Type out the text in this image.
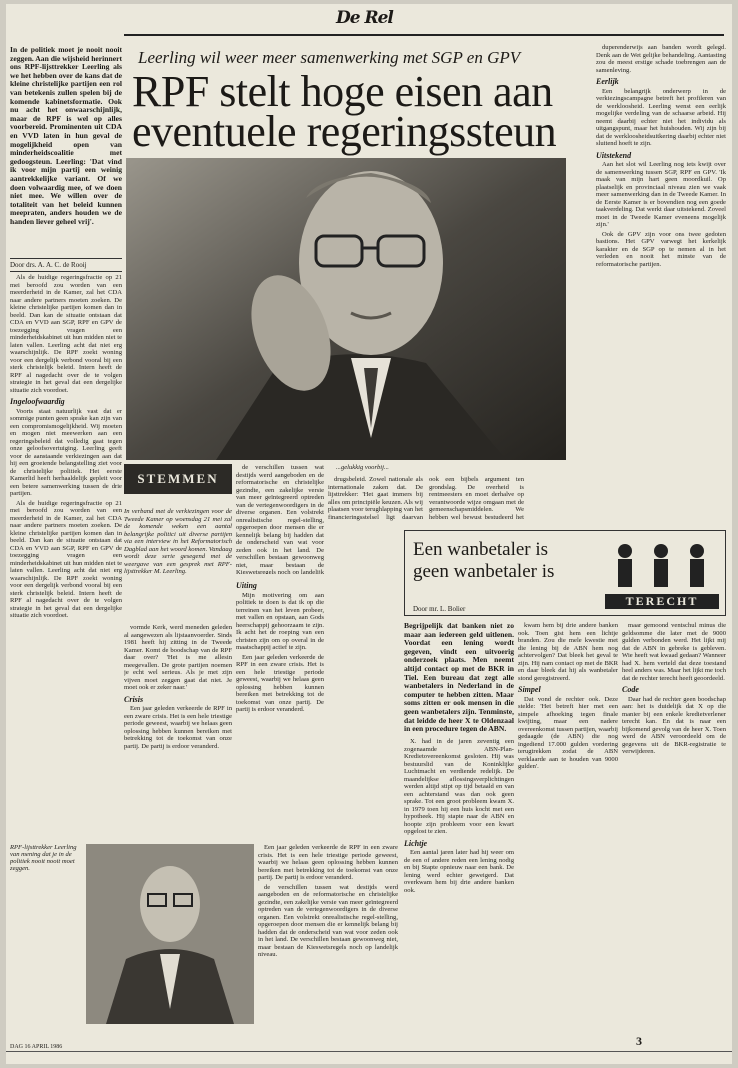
De Rel
In de politiek moet je nooit nooit zeggen. Aan die wijsheid herinnert ons RPF-lijsttrekker Leerling als we het hebben over de kans dat de kleine christelijke partijen een rol van betekenis zullen spelen bij de komende kabinetsformatie. Ook nu acht het onwaarschijnlijk, maar de RPF is wel op alles voorbereid. Prominenten uit CDA en VVD laten in hun geval de mogelijkheid open van minderheidscoalitie met gedoogsteun. Leerling: 'Dat vind ik voor mijn partij een weinig aantrekkelijke variant. Of we doen volwaardig mee, of we doen niet mee. We willen over de totaliteit van het beleid kunnen meepraten, anders houden we de handen liever geheel vrij'.
Door drs. A. A. C. de Rooij

Als de huidige regeringsfractie op 21 mei beroofd zou worden van een meerderheid in de Kamer, zal het CDA naar andere partners moeten zoeken. De kleine christelijke partijen komen dan in beeld. Dan kan de situatie ontstaan dat CDA en VVD aan SGP, RPF en GPV de toezegging vragen een minderheidskabinet uit hun midden niet te laten vallen. Leerling acht dat niet erg waarschijnlijk. De RPF zoekt woning voor een dergelijk verbond vooral bij een sterk christelijk beleid. Intern heeft de RPF al nagedacht over de te volgen strategie in het geval dat een dergelijke situatie zich voordoet.

Ingeloofwaardig

Voorts staat natuurlijk vast dat er sommige punten geen sprake kan zijn van een compromismogelijkheid. Wij moeten en mogen niet meewerken aan een regeringsbeleid dat volledig gaat tegen onze geloofsovertuiging. Leerling geeft voor de aanstaande verkiezingen aan dat hij een groeiende belangstelling ziet voor de christelijke politiek. Het eerste Kamerlid heeft herhaaldelijk gepleit voor een betere samenwerking tussen de drie partijen.

Als de huidige regeringsfractie op 21 mei beroofd zou worden van een meerderheid in de Kamer, zal het CDA naar andere partners moeten zoeken. De kleine christelijke partijen komen dan in beeld. Dan kan de situatie ontstaan dat CDA en VVD aan SGP, RPF en GPV de toezegging vragen een minderheidskabinet uit hun midden niet te laten vallen. Leerling acht dat niet erg waarschijnlijk. De RPF zoekt woning voor een dergelijk verbond vooral bij een sterk christelijk beleid. Intern heeft de RPF al nagedacht over de te volgen strategie in het geval dat een dergelijke situatie zich voordoet.

RPF-lijsttrekker Leerling van mening dat je in de politiek nooit nooit moet zeggen.
Leerling wil weer meer samenwerking met SGP en GPV
RPF stelt hoge eisen aan eventuele regeringssteun
STEMMEN
In verband met de verkiezingen voor de Tweede Kamer op woensdag 21 mei zal de komende weken een aantal belangrijke politici uit diverse partijen via een interview in het Reformatorisch Dagblad aan het woord komen. Vandaag wordt deze serie gesegend met de weergave van een gesprek met RPF-lijsttrekker M. Leerling.

de verschillen tussen wat destijds werd aangeboden en de reformatorische en christelijke gezindte, een zakelijke versie van meer geïntegreerd optreden van de vertegenwoordigers in de diverse organen. Een volstrekt onrealistische regel-stelling, opgeroepen door mensen die er kennelijk belang bij hadden dat de onderscheid van wat voor zeden ook in het land. De verschillen bestaan gewoonweg niet, maar bestaan de Kieswetsregels noch op landelijk

Uiting

Mijn motivering om aan politiek te doen is dat ik op die terreinen van het leven probeer, met vallen en opstaan, aan Gods heerschappij gehoorzaam te zijn. Ik acht het de roeping van een christen zijn om op overal in de maatschappij actief te zijn.

Een jaar geleden verkeerde de RPF in een zware crisis. Het is een hele triestige periode geweest, waarbij we helaas geen oplossing hebben kunnen bereiken met betrekking tot de toekomst van onze partij. De partij is erdoor veranderd.

vormde Kerk, werd meneden geleden al aangewezen als lijstaanvoerder. Sinds 1981 heeft hij zitting in de Tweede Kamer. Komt de boodschap van de RPF daar over? 'Het is me allesin meegevallen. De grote partijen noemen je echt wel serieus. Als je met zijn vijven moet zeggen gaat dat niet. Je moet ook er zeker naar.'

Crisis

Een jaar geleden verkeerde de RPF in een zware crisis. Het is een hele triestige periode geweest, waarbij we helaas geen oplossing hebben kunnen bereiken met betrekking tot de toekomst van onze partij. De partij is erdoor veranderd.

...gelukkig voorbij...

drugsbeleid. Zowel nationale als internationale zaken dat. De lijsttrekker: 'Het gaat immers bij alles om principiële keuzen. Als wij plaatsen voor terughlapping van het financieringsstelsel ligt daarvan ook een bijbels argument ten grondslag. De overheid is rentmeesters en moet derhalve op verantwoorde wijze omgaan met de gemeenschapsmiddelen. We hebben wel bewust bestudeerd het

duperenderwijs aan banden wordt gelegd. Denk aan de Wet gelijke behandeling. Aantasting zou de meest erstige schade toebrengen aan de samenleving.

Eerlijk

Een belangrijk onderwerp in de verkiezingscampagne betreft het profileren van de werkloosheid. Leerling wenst een eerlijk mogelijke verdeling van de schaarse arbeid. Hij neemt daarbij echter niet het individu als uitgangspunt, maar het huishouden. Wij zijn bij dat de werkloosheidsuitkering daarbij echter niet sluitend hoeft te zijn.

Uitstekend

Aan het slot wil Leerling nog iets kwijt over de samenwerking tussen SGP, RPF en GPV. 'Ik maak van mijn hart geen moordkuil. Op plaatselijk en provinciaal niveau zien we vaak meer samenwerking dan in de Tweede Kamer. In de Eerste Kamer is er bovendien nog een goede taakverdeling. Dat werkt daar uitstekend. Zoveel moet in de Tweede Kamer eveneens mogelijk zijn.'

Ook de GPV zijn voor ons twee gedoten bastions. Het GPV varwegt het kerkelijk karakter en de SGP op te nemen al in het verleden en nooit het minste van de reformatorische partijen.

Een wanbetaler is
geen wanbetaler is
Door mr. L. Bolier
TERECHT
Begrijpelijk dat banken niet zo maar aan iedereen geld uitlenen. Voordat een lening wordt gegeven, vindt een uitvoerig onderzoek plaats. Men neemt altijd contact op met de BKR in Tiel. Een bureau dat zegt alle wanbetalers in Nederland in de computer te hebben zitten. Maar soms zitten er ook mensen in die geen wanbetalers zijn. Tenminste, dat leidde de heer X te Oldenzaal in een procedure tegen de ABN.

X. had in de jaren zeventig een zogenaamde ABN-Plan-Kredietovereenkomst gesloten. Hij was bestuurslid van de Koninklijke Luchtmacht en verdiende redelijk. De maandelijkse aflossingsverplichtingen werden altijd stipt op tijd betaald en van een achterstand was dan ook geen sprake. Tot een groot probleem kwam X. in 1979 toen hij een huis kocht met een hypotheek. Hij stapte naar de ABN en hoopte zijn probleem voor een kwart opgelost te zien.

Lichtje

Een aantal jaren later had hij weer om de een of andere reden een lening nodig en bij Stapte opnieuw naar een bank. De lening werd echter geweigerd. Dat overkwam hem bij drie andere banken ook.

kwam hem bij drie andere banken ook. Toen gist hem een lichtje branden. Zou die mele kwestie met die lening bij de ABN hem nog achtervolgen? Dat bleek het geval te zijn. Hij nam contact op met de BKR en daar bleek dat hij als wanbetaler stond geregistreerd.

Simpel

Dat vond de rechter ook. Deze stelde: 'Het betreft hier met een simpele afhoeking tegen finale kwijting, maar een nadere overeenkomst tussen partijen, waarbij gedaagde (de ABN) die nog ingediend 17.000 gulden vordering terugtrekken zodat de ABN verklaarde aan te houden van 9000 gulden'.

maar gemoond ventschul minus die geldsomme die later met de 9000 gulden verbonden werd. Het lijkt mij dat de ABN in gebreke is gebleven. Wie heeft wat kwaad gedaan? Wanneer had X. hem verteld dat deze toestand heel anders was. Maar het lijkt me toch dat de rechter terecht heeft geoordeeld.

Code

Daar had de rechter geen boodschap aan: het is duidelijk dat X op die manier bij een enkele kredietverlener terecht kan. En dat is naar een bijkomend gevolg van de heer X. Toen werd de ABN veroordeeld om de gegevens uit de BKR-registratie te verwijderen.

Een jaar geleden verkeerde de RPF in een zware crisis. Het is een hele triestige periode geweest, waarbij we helaas geen oplossing hebben kunnen bereiken met betrekking tot de toekomst van onze partij. De partij is erdoor veranderd.

de verschillen tussen wat destijds werd aangeboden en de reformatorische en christelijke gezindte, een zakelijke versie van meer geïntegreerd optreden van de vertegenwoordigers in de diverse organen. Een volstrekt onrealistische regel-stelling, opgeroepen door mensen die er kennelijk belang bij hadden dat de onderscheid van wat voor zeden ook in het land. De verschillen bestaan gewoonweg niet, maar bestaan de Kieswetsregels noch op landelijk niveau.

DAG 16 APRIL 1986	3
